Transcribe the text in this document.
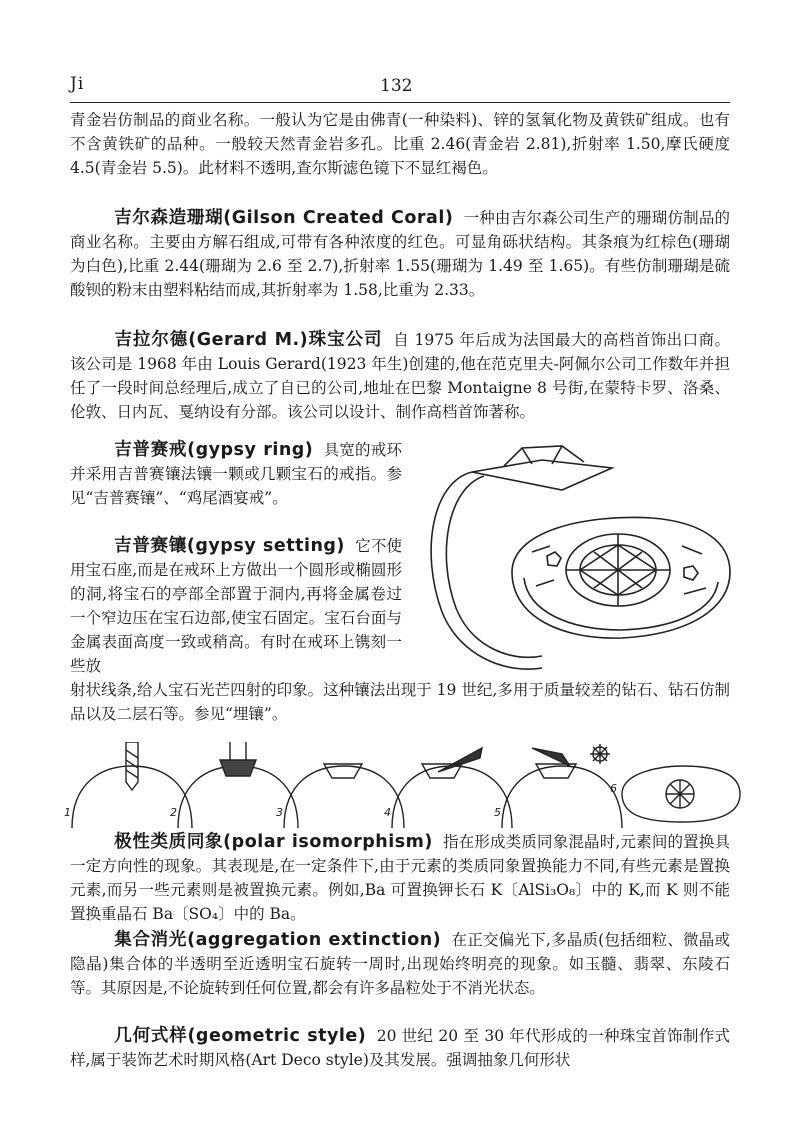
Ji	132

青金岩仿制品的商业名称。一般认为它是由佛青(一种染料)、锌的氢氧化物及黄铁矿组成。也有不含黄铁矿的品种。一般较天然青金岩多孔。比重 2.46(青金岩 2.81),折射率 1.50,摩氏硬度 4.5(青金岩 5.5)。此材料不透明,查尔斯滤色镜下不显红褐色。

吉尔森造珊瑚(Gilson Created Coral) 一种由吉尔森公司生产的珊瑚仿制品的商业名称。主要由方解石组成,可带有各种浓度的红色。可显角砾状结构。其条痕为红棕色(珊瑚为白色),比重 2.44(珊瑚为 2.6 至 2.7),折射率 1.55(珊瑚为 1.49 至 1.65)。有些仿制珊瑚是硫酸钡的粉末由塑料粘结而成,其折射率为 1.58,比重为 2.33。

吉拉尔德(Gerard M.)珠宝公司 自 1975 年后成为法国最大的高档首饰出口商。该公司是 1968 年由 Louis Gerard(1923 年生)创建的,他在范克里夫-阿佩尔公司工作数年并担任了一段时间总经理后,成立了自已的公司,地址在巴黎 Montaigne 8 号街,在蒙特卡罗、洛桑、伦敦、日内瓦、戛纳设有分部。该公司以设计、制作高档首饰著称。

吉普赛戒(gypsy ring) 具宽的戒环并采用吉普赛镶法镶一颗或几颗宝石的戒指。参见“吉普赛镶”、“鸡尾酒宴戒”。

吉普赛镶(gypsy setting) 它不使用宝石座,而是在戒环上方做出一个圆形或椭圆形的洞,将宝石的亭部全部置于洞内,再将金属卷过一个窄边压在宝石边部,使宝石固定。宝石台面与金属表面高度一致或稍高。有时在戒环上镌刻一些放

射状线条,给人宝石光芒四射的印象。这种镶法出现于 19 世纪,多用于质量较差的钻石、钻石仿制品以及二层石等。参见“埋镶”。

1	2	3	4	5
6

极性类质同象(polar isomorphism) 指在形成类质同象混晶时,元素间的置换具一定方向性的现象。其表现是,在一定条件下,由于元素的类质同象置换能力不同,有些元素是置换元素,而另一些元素则是被置换元素。例如,Ba 可置换钾长石 K〔AlSi₃O₈〕中的 K,而 K 则不能置换重晶石 Ba〔SO₄〕中的 Ba。

集合消光(aggregation extinction) 在正交偏光下,多晶质(包括细粒、微晶或隐晶)集合体的半透明至近透明宝石旋转一周时,出现始终明亮的现象。如玉髓、翡翠、东陵石等。其原因是,不论旋转到任何位置,都会有许多晶粒处于不消光状态。

几何式样(geometric style) 20 世纪 20 至 30 年代形成的一种珠宝首饰制作式样,属于装饰艺术时期风格(Art Deco style)及其发展。强调抽象几何形状
